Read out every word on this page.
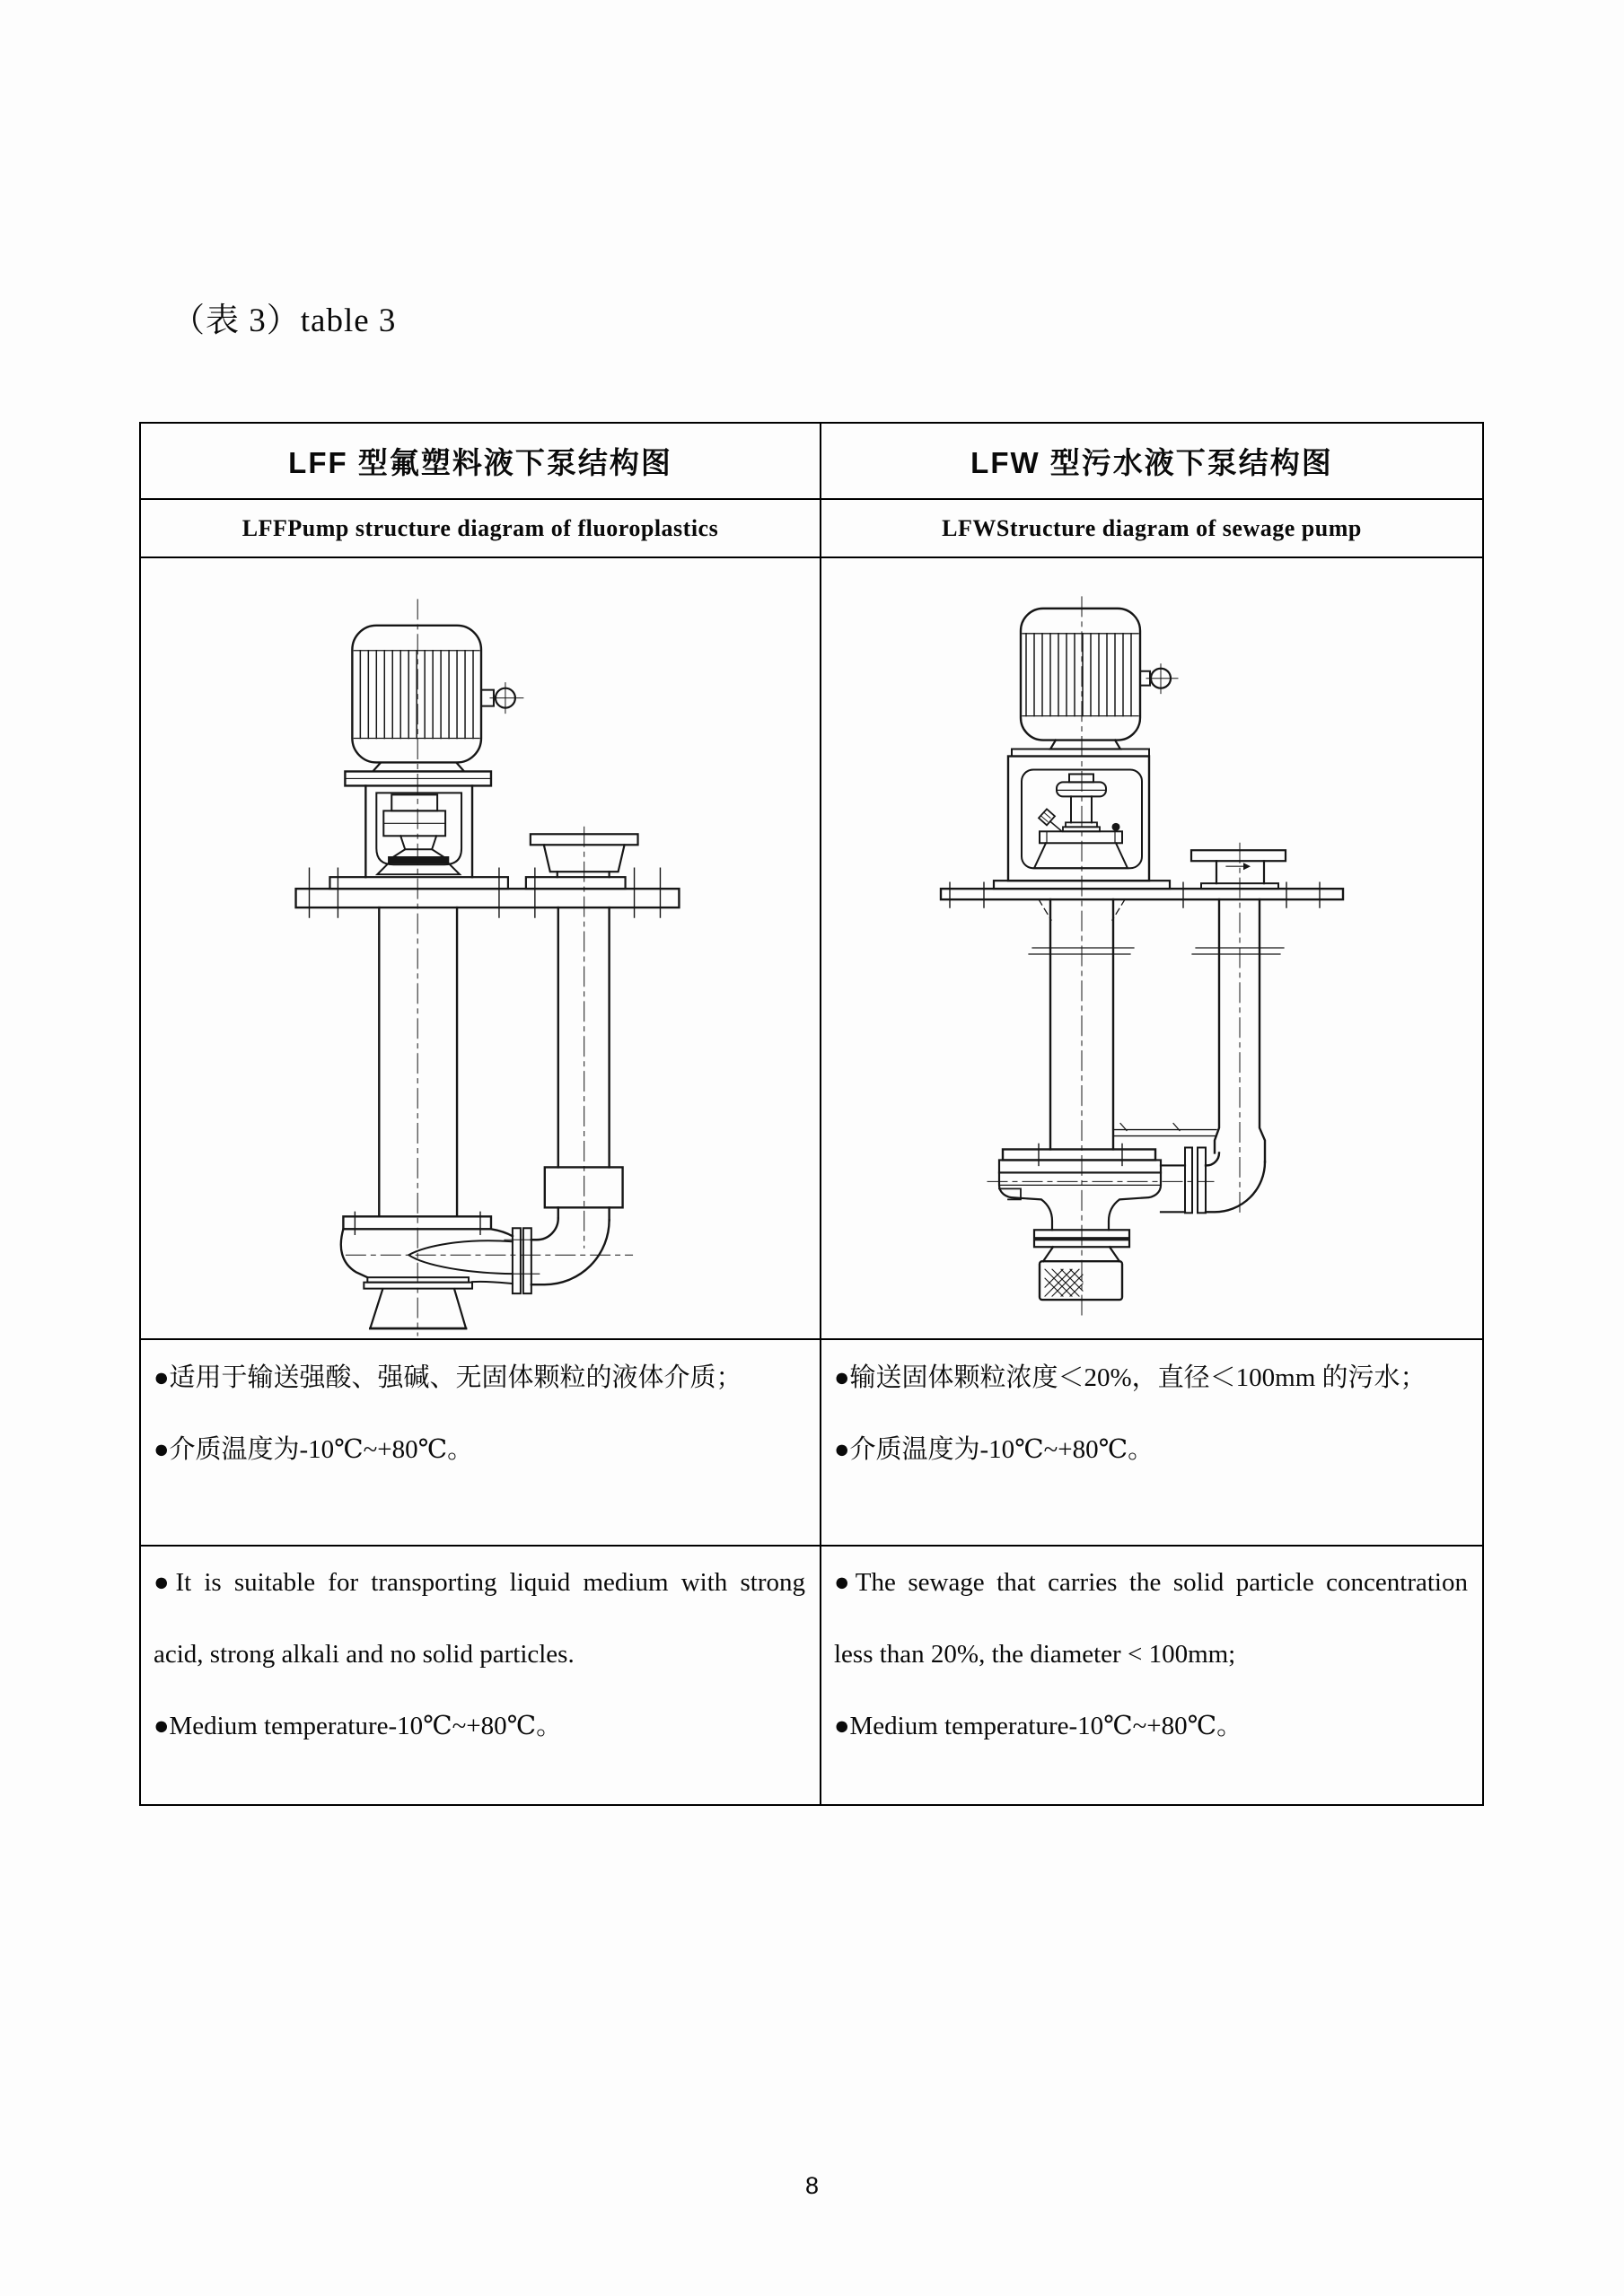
（表 3）table 3
LFF 型氟塑料液下泵结构图	LFW 型污水液下泵结构图
LFFPump structure diagram of fluoroplastics	LFWStructure diagram of sewage pump

●适用于输送强酸、强碱、无固体颗粒的液体介质；

●介质温度为-10℃~+80℃。

●输送固体颗粒浓度＜20%，直径＜100mm 的污水；

●介质温度为-10℃~+80℃。

●It is suitable for transporting liquid medium with strong acid, strong alkali and no solid particles.

●Medium temperature-10℃~+80℃。

●The sewage that carries the solid particle concentration less than 20%, the diameter < 100mm;

●Medium temperature-10℃~+80℃。

8
